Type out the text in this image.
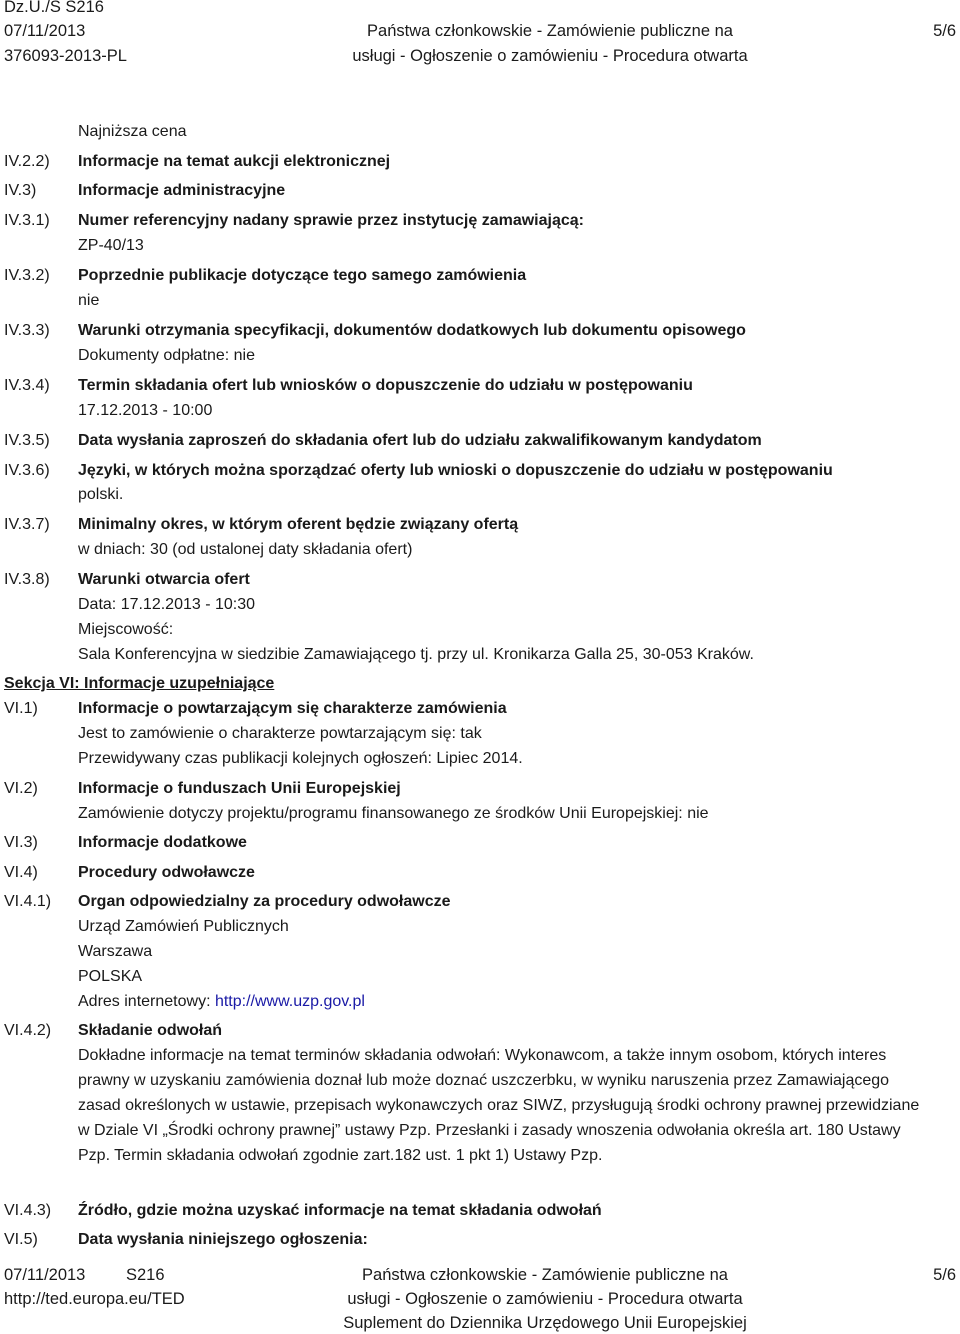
Dz.U./S S216
07/11/2013
376093-2013-PL
Państwa członkowskie - Zamówienie publiczne na
usługi - Ogłoszenie o zamówieniu - Procedura otwarta
5/6
Najniższa cena
IV.2.2) Informacje na temat aukcji elektronicznej
IV.3)	Informacje administracyjne
IV.3.1) Numer referencyjny nadany sprawie przez instytucję zamawiającą:
ZP-40/13
IV.3.2) Poprzednie publikacje dotyczące tego samego zamówienia
nie
IV.3.3) Warunki otrzymania specyfikacji, dokumentów dodatkowych lub dokumentu opisowego
Dokumenty odpłatne: nie
IV.3.4) Termin składania ofert lub wniosków o dopuszczenie do udziału w postępowaniu
17.12.2013 - 10:00
IV.3.5) Data wysłania zaproszeń do składania ofert lub do udziału zakwalifikowanym kandydatom
IV.3.6) Języki, w których można sporządzać oferty lub wnioski o dopuszczenie do udziału w postępowaniu
polski.
IV.3.7) Minimalny okres, w którym oferent będzie związany ofertą
w dniach: 30 (od ustalonej daty składania ofert)
IV.3.8) Warunki otwarcia ofert
Data: 17.12.2013 - 10:30
Miejscowość:
Sala Konferencyjna w siedzibie Zamawiającego tj. przy ul. Kronikarza Galla 25, 30-053 Kraków.
Sekcja VI: Informacje uzupełniające
VI.1)	Informacje o powtarzającym się charakterze zamówienia
Jest to zamówienie o charakterze powtarzającym się: tak
Przewidywany czas publikacji kolejnych ogłoszeń: Lipiec 2014.
VI.2)	Informacje o funduszach Unii Europejskiej
Zamówienie dotyczy projektu/programu finansowanego ze środków Unii Europejskiej: nie
VI.3)	Informacje dodatkowe
VI.4)	Procedury odwoławcze
VI.4.1) Organ odpowiedzialny za procedury odwoławcze
Urząd Zamówień Publicznych
Warszawa
POLSKA
Adres internetowy: http://www.uzp.gov.pl
VI.4.2) Składanie odwołań
Dokładne informacje na temat terminów składania odwołań: Wykonawcom, a także innym osobom, których interes prawny w uzyskaniu zamówienia doznał lub może doznać uszczerbku, w wyniku naruszenia przez Zamawiającego zasad określonych w ustawie, przepisach wykonawczych oraz SIWZ, przysługują środki ochrony prawnej przewidziane w Dziale VI „Środki ochrony prawnej” ustawy Pzp. Przesłanki i zasady wnoszenia odwołania określa art. 180 Ustawy Pzp. Termin składania odwołań zgodnie zart.182 ust. 1 pkt 1) Ustawy Pzp.
VI.4.3) Źródło, gdzie można uzyskać informacje na temat składania odwołań
VI.5)	Data wysłania niniejszego ogłoszenia:
07/11/2013 S216
http://ted.europa.eu/TED
Państwa członkowskie - Zamówienie publiczne na
usługi - Ogłoszenie o zamówieniu - Procedura otwarta
Suplement do Dziennika Urzędowego Unii Europejskiej
5/6
